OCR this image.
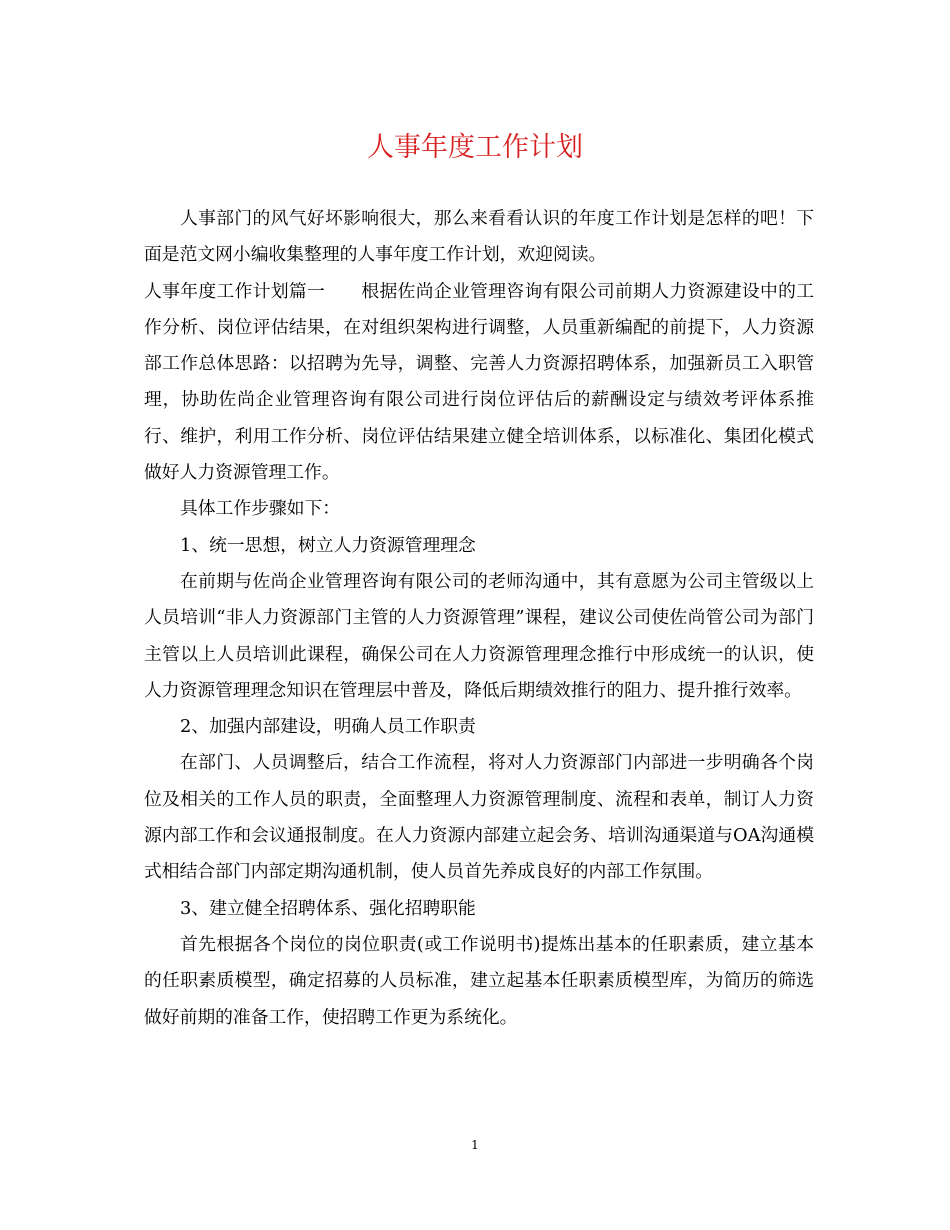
人事年度工作计划

人事部门的风气好坏影响很大，那么来看看认识的年度工作计划是怎样的吧！下面是范文网小编收集整理的人事年度工作计划，欢迎阅读。

人事年度工作计划篇一　　根据佐尚企业管理咨询有限公司前期人力资源建设中的工作分析、岗位评估结果，在对组织架构进行调整，人员重新编配的前提下，人力资源部工作总体思路：以招聘为先导，调整、完善人力资源招聘体系，加强新员工入职管理，协助佐尚企业管理咨询有限公司进行岗位评估后的薪酬设定与绩效考评体系推行、维护，利用工作分析、岗位评估结果建立健全培训体系，以标准化、集团化模式做好人力资源管理工作。

具体工作步骤如下：

1、统一思想，树立人力资源管理理念

在前期与佐尚企业管理咨询有限公司的老师沟通中，其有意愿为公司主管级以上人员培训“非人力资源部门主管的人力资源管理”课程，建议公司使佐尚管公司为部门主管以上人员培训此课程，确保公司在人力资源管理理念推行中形成统一的认识，使人力资源管理理念知识在管理层中普及，降低后期绩效推行的阻力、提升推行效率。

2、加强内部建设，明确人员工作职责

在部门、人员调整后，结合工作流程，将对人力资源部门内部进一步明确各个岗位及相关的工作人员的职责，全面整理人力资源管理制度、流程和表单，制订人力资源内部工作和会议通报制度。在人力资源内部建立起会务、培训沟通渠道与OA沟通模式相结合部门内部定期沟通机制，使人员首先养成良好的内部工作氛围。

3、建立健全招聘体系、强化招聘职能

首先根据各个岗位的岗位职责(或工作说明书)提炼出基本的任职素质，建立基本的任职素质模型，确定招募的人员标准，建立起基本任职素质模型库，为简历的筛选做好前期的准备工作，使招聘工作更为系统化。

1
